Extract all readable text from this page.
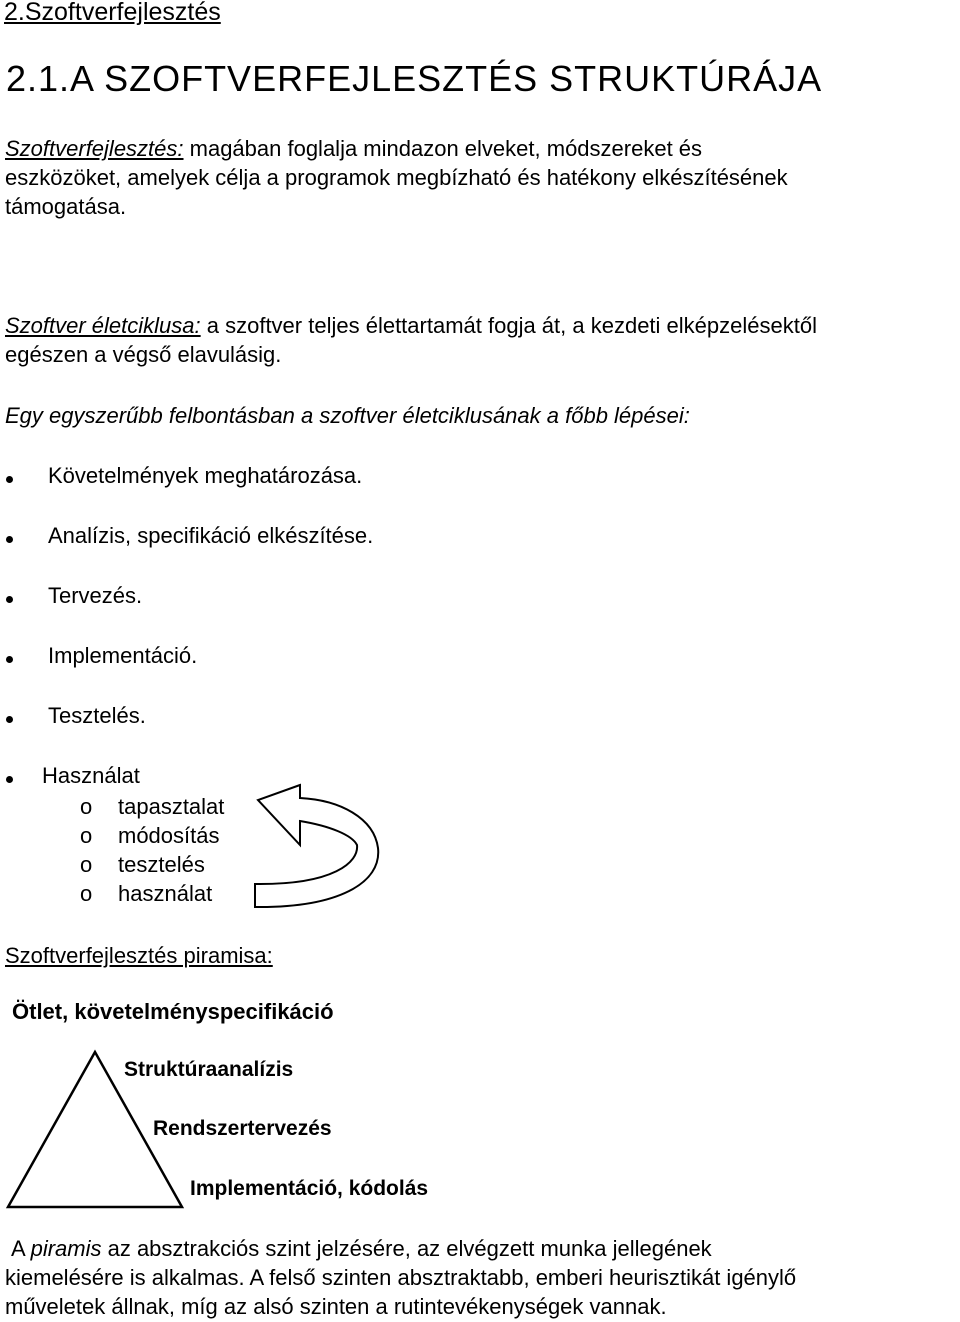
2.Szoftverfejlesztés
2.1.A SZOFTVERFEJLESZTÉS STRUKTÚRÁJA
Szoftverfejlesztés: magában foglalja mindazon elveket, módszereket és
eszközöket, amelyek célja a programok megbízható és hatékony elkészítésének
támogatása.
Szoftver életciklusa: a szoftver teljes élettartamát fogja át, a kezdeti elképzelésektől
egészen a végső elavulásig.
Egy egyszerűbb felbontásban a szoftver életciklusának a főbb lépései:
Követelmények meghatározása.
Analízis, specifikáció elkészítése.
Tervezés.
Implementáció.
Tesztelés.
Használat
o tapasztalat
o módosítás
o tesztelés
o használat
Szoftverfejlesztés piramisa:
Ötlet, követelményspecifikáció
Struktúraanalízis
Rendszertervezés
Implementáció, kódolás
A piramis az absztrakciós szint jelzésére, az elvégzett munka jellegének
kiemelésére is alkalmas. A felső szinten absztraktabb, emberi heurisztikát igénylő
műveletek állnak, míg az alsó szinten a rutintevékenységek vannak.
